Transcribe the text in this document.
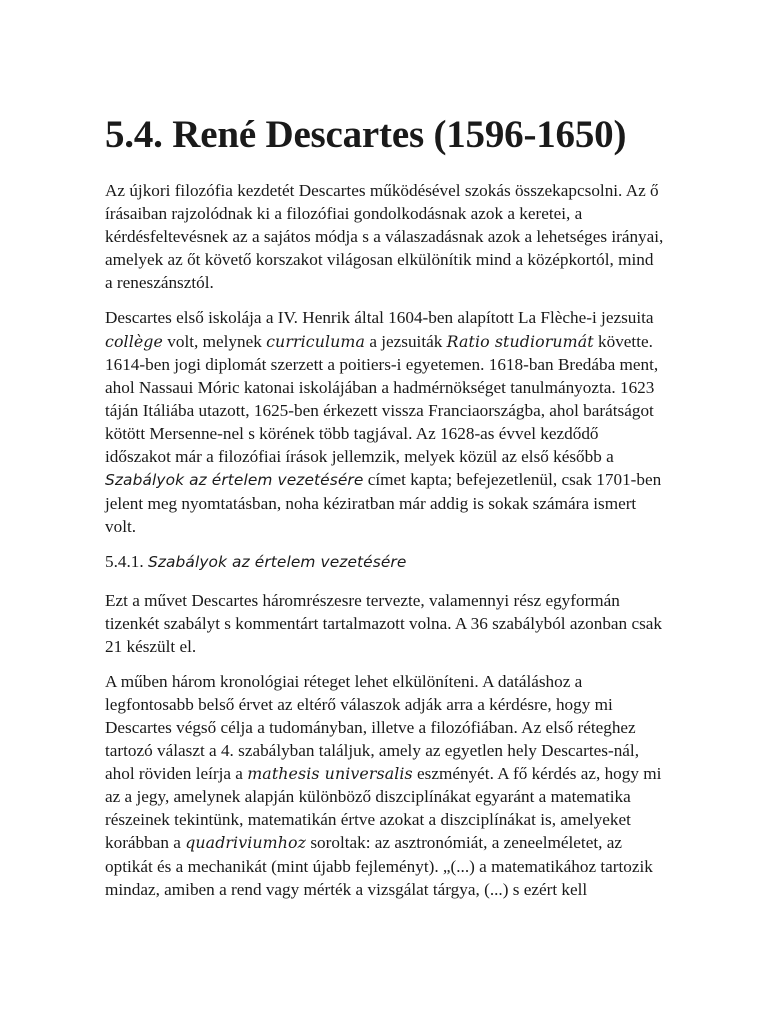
5.4. René Descartes (1596-1650)

Az újkori filozófia kezdetét Descartes működésével szokás összekapcsolni. Az ő írásaiban rajzolódnak ki a filozófiai gondolkodásnak azok a keretei, a kérdésfeltevésnek az a sajátos módja s a válaszadásnak azok a lehetséges irányai, amelyek az őt követő korszakot világosan elkülönítik mind a középkortól, mind a reneszánsztól.

Descartes első iskolája a IV. Henrik által 1604-ben alapított La Flèche-i jezsuita collège volt, melynek curriculuma a jezsuiták Ratio studiorumát követte. 1614-ben jogi diplomát szerzett a poitiers-i egyetemen. 1618-ban Bredába ment, ahol Nassaui Móric katonai iskolájában a hadmérnökséget tanulmányozta. 1623 táján Itáliába utazott, 1625-ben érkezett vissza Franciaországba, ahol barátságot kötött Mersenne-nel s körének több tagjával. Az 1628-as évvel kezdődő időszakot már a filozófiai írások jellemzik, melyek közül az első később a Szabályok az értelem vezetésére címet kapta; befejezetlenül, csak 1701-ben jelent meg nyomtatásban, noha kéziratban már addig is sokak számára ismert volt.

5.4.1. Szabályok az értelem vezetésére

Ezt a művet Descartes háromrészesre tervezte, valamennyi rész egyformán tizenkét szabályt s kommentárt tartalmazott volna. A 36 szabályból azonban csak 21 készült el.

A műben három kronológiai réteget lehet elkülöníteni. A datáláshoz a legfontosabb belső érvet az eltérő válaszok adják arra a kérdésre, hogy mi Descartes végső célja a tudományban, illetve a filozófiában. Az első réteghez tartozó választ a 4. szabályban találjuk, amely az egyetlen hely Descartes-nál, ahol röviden leírja a mathesis universalis eszményét. A fő kérdés az, hogy mi az a jegy, amelynek alapján különböző diszciplínákat egyaránt a matematika részeinek tekintünk, matematikán értve azokat a diszciplínákat is, amelyeket korábban a quadriviumhoz soroltak: az asztronómiát, a zeneelméletet, az optikát és a mechanikát (mint újabb fejleményt). „(...) a matematikához tartozik mindaz, amiben a rend vagy mérték a vizsgálat tárgya, (...) s ezért kell
